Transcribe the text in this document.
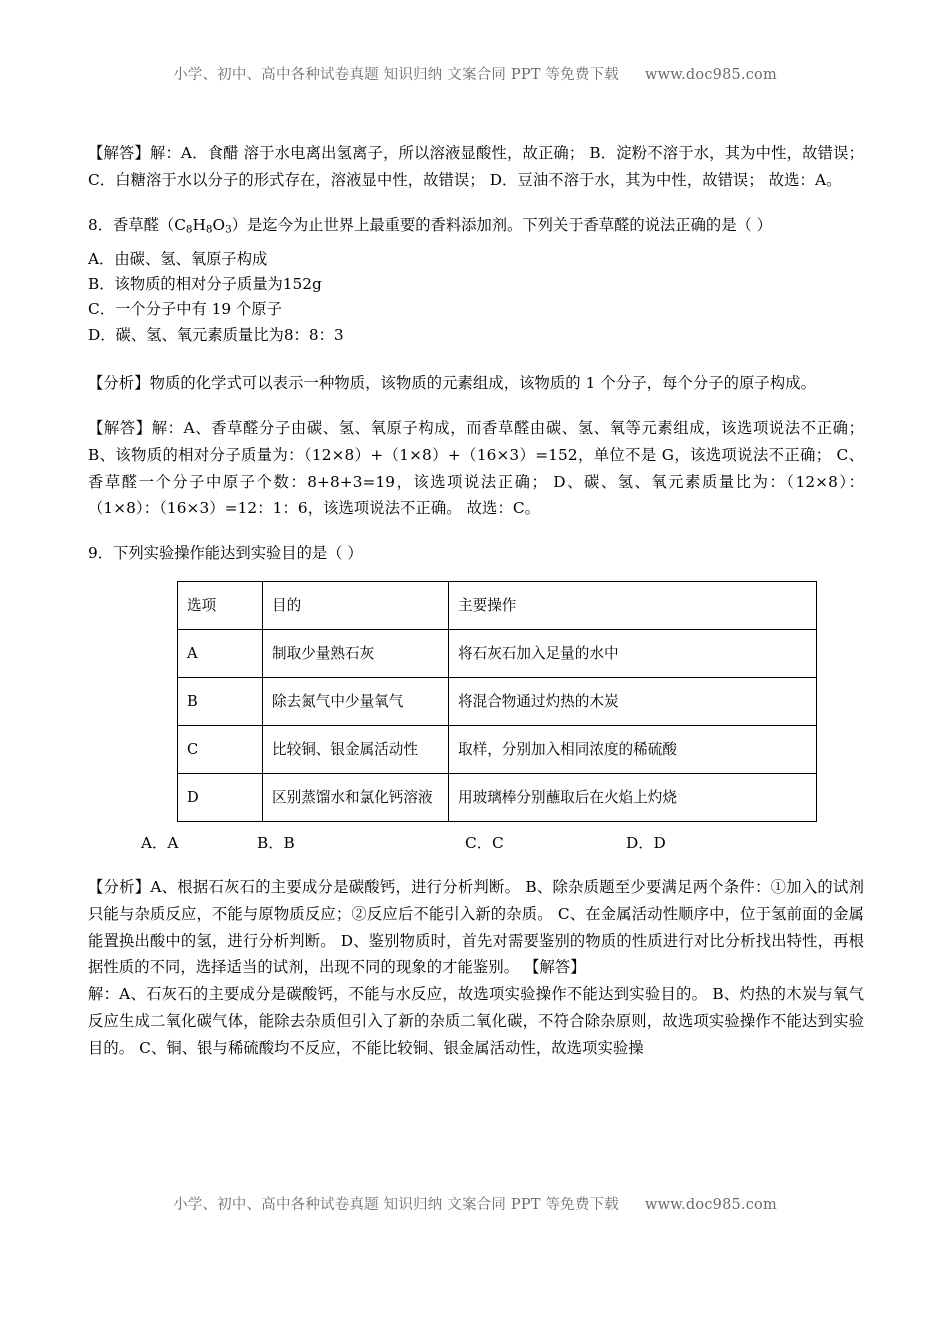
小学、初中、高中各种试卷真题 知识归纳 文案合同 PPT 等免费下载 www.doc985.com

【解答】解：A．食醋 溶于水电离出氢离子，所以溶液显酸性，故正确； B．淀粉不溶于水，其为中性，故错误； C．白糖溶于水以分子的形式存在，溶液显中性，故错误； D．豆油不溶于水，其为中性，故错误； 故选：A。

8．香草醛$(C_8H_8O_3)$是迄今为止世界上最重要的香料添加剂。下列关于香草醛的说法正确的是（ ）

A．由碳、氢、氧原子构成
B．该物质的相对分子质量为152g
C．一个分子中有 19 个原子
D．碳、氢、氧元素质量比为8：8：3

【分析】物质的化学式可以表示一种物质，该物质的元素组成，该物质的 1 个分子，每个分子的原子构成。

【解答】解：A、香草醛分子由碳、氢、氧原子构成，而香草醛由碳、氢、氧等元素组成，该选项说法不正确； B、该物质的相对分子质量为：（12×8）+（1×8）+（16×3）=152，单位不是 G，该选项说法不正确； C、香草醛一个分子中原子个数：8+8+3=19，该选项说法正确； D、碳、氢、氧元素质量比为：（12×8）：（1×8）：（16×3）=12：1：6，该选项说法不正确。 故选：C。

9．下列实验操作能达到实验目的是（ ）

选项	目的	主要操作
A	制取少量熟石灰	将石灰石加入足量的水中
B	除去氮气中少量氧气	将混合物通过灼热的木炭
C	比较铜、银金属活动性	取样，分别加入相同浓度的稀硫酸
D	区别蒸馏水和氯化钙溶液	用玻璃棒分别蘸取后在火焰上灼烧
A．A	B．B	C．C	D．D

【分析】A、根据石灰石的主要成分是碳酸钙，进行分析判断。 B、除杂质题至少要满足两个条件：①加入的试剂只能与杂质反应，不能与原物质反应；②反应后不能引入新的杂质。 C、在金属活动性顺序中，位于氢前面的金属能置换出酸中的氢，进行分析判断。 D、鉴别物质时，首先对需要鉴别的物质的性质进行对比分析找出特性，再根据性质的不同，选择适当的试剂，出现不同的现象的才能鉴别。 【解答】

解：A、石灰石的主要成分是碳酸钙，不能与水反应，故选项实验操作不能达到实验目的。 B、灼热的木炭与氧气反应生成二氧化碳气体，能除去杂质但引入了新的杂质二氧化碳，不符合除杂原则，故选项实验操作不能达到实验目的。 C、铜、银与稀硫酸均不反应，不能比较铜、银金属活动性，故选项实验操

小学、初中、高中各种试卷真题 知识归纳 文案合同 PPT 等免费下载 www.doc985.com
